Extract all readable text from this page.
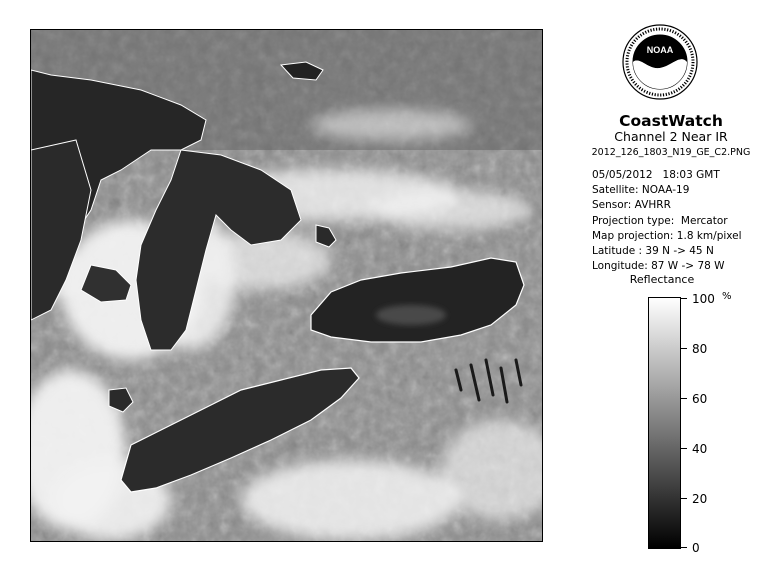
NOAA
CoastWatch
Channel 2 Near IR
2012_126_1803_N19_GE_C2.PNG
05/05/2012   18:03 GMT
Satellite: NOAA-19
Sensor: AVHRR
Projection type:  Mercator
Map projection: 1.8 km/pixel
Latitude : 39 N -> 45 N
Longitude: 87 W -> 78 W
Reflectance
%
100
80
60
40
20
0
